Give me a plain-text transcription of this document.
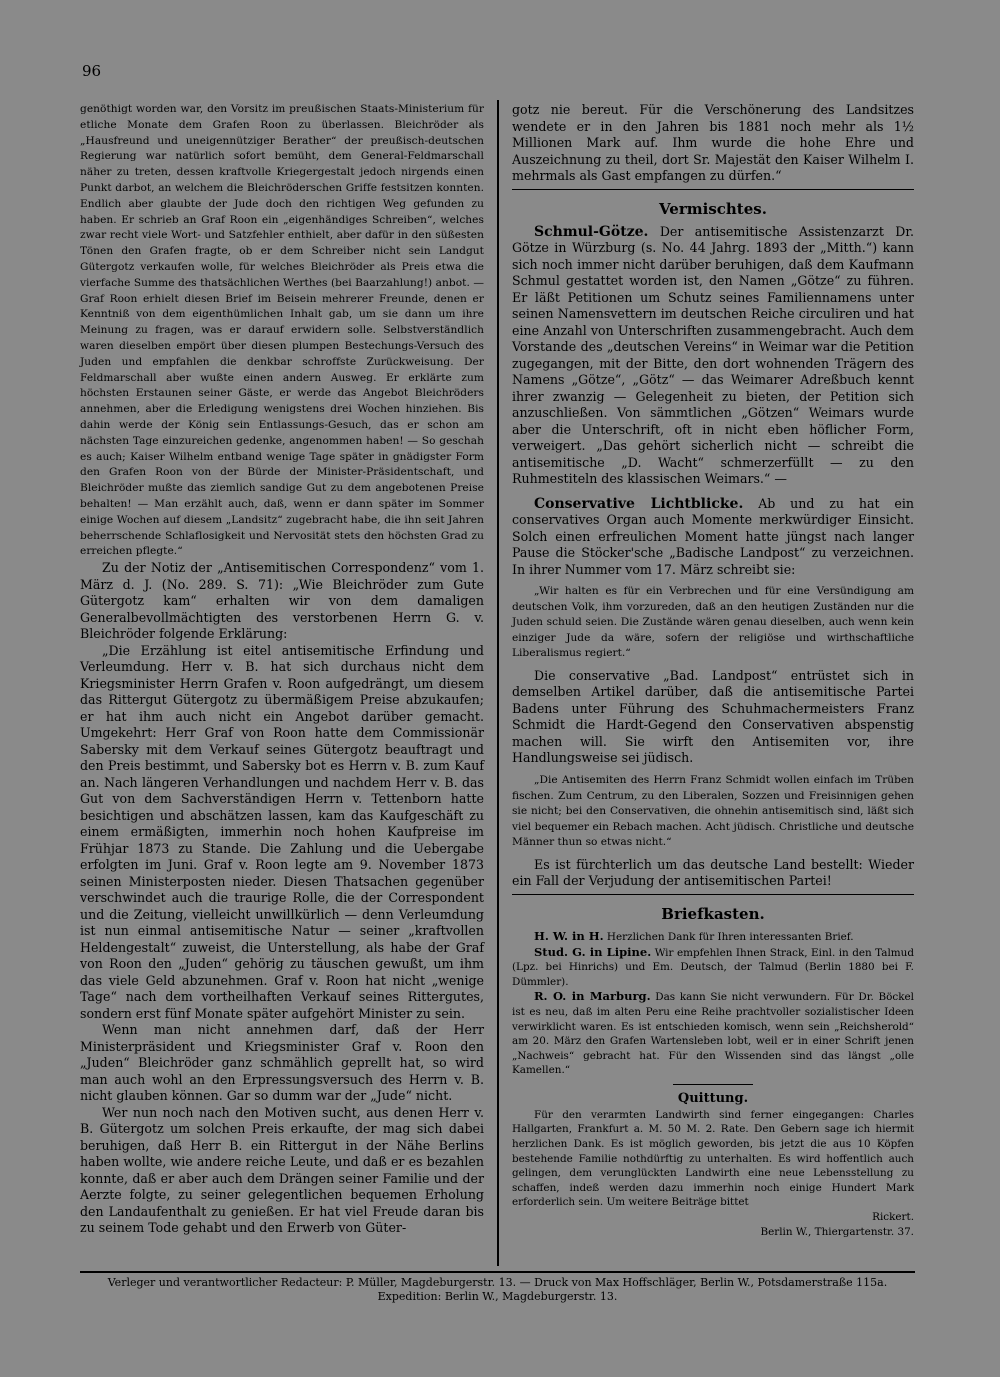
96

genöthigt worden war, den Vorsitz im preußischen Staats-Ministerium für etliche Monate dem Grafen Roon zu überlassen. Bleichröder als „Hausfreund und uneigennütziger Berather“ der preußisch-deutschen Regierung war natürlich sofort bemüht, dem General-Feldmarschall näher zu treten, dessen kraftvolle Kriegergestalt jedoch nirgends einen Punkt darbot, an welchem die Bleichröderschen Griffe festsitzen konnten. Endlich aber glaubte der Jude doch den richtigen Weg gefunden zu haben. Er schrieb an Graf Roon ein „eigenhändiges Schreiben“, welches zwar recht viele Wort- und Satzfehler enthielt, aber dafür in den süßesten Tönen den Grafen fragte, ob er dem Schreiber nicht sein Landgut Gütergotz verkaufen wolle, für welches Bleichröder als Preis etwa die vierfache Summe des thatsächlichen Werthes (bei Baarzahlung!) anbot. — Graf Roon erhielt diesen Brief im Beisein mehrerer Freunde, denen er Kenntniß von dem eigenthümlichen Inhalt gab, um sie dann um ihre Meinung zu fragen, was er darauf erwidern solle. Selbstverständlich waren dieselben empört über diesen plumpen Bestechungs-Versuch des Juden und empfahlen die denkbar schroffste Zurückweisung. Der Feldmarschall aber wußte einen andern Ausweg. Er erklärte zum höchsten Erstaunen seiner Gäste, er werde das Angebot Bleichröders annehmen, aber die Erledigung wenigstens drei Wochen hinziehen. Bis dahin werde der König sein Entlassungs-Gesuch, das er schon am nächsten Tage einzureichen gedenke, angenommen haben! — So geschah es auch; Kaiser Wilhelm entband wenige Tage später in gnädigster Form den Grafen Roon von der Bürde der Minister-Präsidentschaft, und Bleichröder mußte das ziemlich sandige Gut zu dem angebotenen Preise behalten! — Man erzählt auch, daß, wenn er dann später im Sommer einige Wochen auf diesem „Landsitz“ zugebracht habe, die ihn seit Jahren beherrschende Schlaflosigkeit und Nervosität stets den höchsten Grad zu erreichen pflegte.“

Zu der Notiz der „Antisemitischen Correspondenz“ vom 1. März d. J. (No. 289. S. 71): „Wie Bleichröder zum Gute Gütergotz kam“ erhalten wir von dem damaligen Generalbevollmächtigten des verstorbenen Herrn G. v. Bleichröder folgende Erklärung:

„Die Erzählung ist eitel antisemitische Erfindung und Verleumdung. Herr v. B. hat sich durchaus nicht dem Kriegsminister Herrn Grafen v. Roon aufgedrängt, um diesem das Rittergut Gütergotz zu übermäßigem Preise abzukaufen; er hat ihm auch nicht ein Angebot darüber gemacht. Umgekehrt: Herr Graf von Roon hatte dem Commissionär Sabersky mit dem Verkauf seines Gütergotz beauftragt und den Preis bestimmt, und Sabersky bot es Herrn v. B. zum Kauf an. Nach längeren Verhandlungen und nachdem Herr v. B. das Gut von dem Sachverständigen Herrn v. Tettenborn hatte besichtigen und abschätzen lassen, kam das Kaufgeschäft zu einem ermäßigten, immerhin noch hohen Kaufpreise im Frühjar 1873 zu Stande. Die Zahlung und die Uebergabe erfolgten im Juni. Graf v. Roon legte am 9. November 1873 seinen Ministerposten nieder. Diesen Thatsachen gegenüber verschwindet auch die traurige Rolle, die der Correspondent und die Zeitung, vielleicht unwillkürlich — denn Verleumdung ist nun einmal antisemitische Natur — seiner „kraftvollen Heldengestalt“ zuweist, die Unterstellung, als habe der Graf von Roon den „Juden“ gehörig zu täuschen gewußt, um ihm das viele Geld abzunehmen. Graf v. Roon hat nicht „wenige Tage“ nach dem vortheilhaften Verkauf seines Rittergutes, sondern erst fünf Monate später aufgehört Minister zu sein.

Wenn man nicht annehmen darf, daß der Herr Ministerpräsident und Kriegsminister Graf v. Roon den „Juden“ Bleichröder ganz schmählich geprellt hat, so wird man auch wohl an den Erpressungsversuch des Herrn v. B. nicht glauben können. Gar so dumm war der „Jude“ nicht.

Wer nun noch nach den Motiven sucht, aus denen Herr v. B. Gütergotz um solchen Preis erkaufte, der mag sich dabei beruhigen, daß Herr B. ein Rittergut in der Nähe Berlins haben wollte, wie andere reiche Leute, und daß er es bezahlen konnte, daß er aber auch dem Drängen seiner Familie und der Aerzte folgte, zu seiner gelegentlichen bequemen Erholung den Landaufenthalt zu genießen. Er hat viel Freude daran bis zu seinem Tode gehabt und den Erwerb von Güter-

gotz nie bereut. Für die Verschönerung des Landsitzes wendete er in den Jahren bis 1881 noch mehr als 1½ Millionen Mark auf. Ihm wurde die hohe Ehre und Auszeichnung zu theil, dort Sr. Majestät den Kaiser Wilhelm I. mehrmals als Gast empfangen zu dürfen.“

Vermischtes.

Schmul-Götze. Der antisemitische Assistenzarzt Dr. Götze in Würzburg (s. No. 44 Jahrg. 1893 der „Mitth.“) kann sich noch immer nicht darüber beruhigen, daß dem Kaufmann Schmul gestattet worden ist, den Namen „Götze“ zu führen. Er läßt Petitionen um Schutz seines Familiennamens unter seinen Namensvettern im deutschen Reiche circuliren und hat eine Anzahl von Unterschriften zusammengebracht. Auch dem Vorstande des „deutschen Vereins“ in Weimar war die Petition zugegangen, mit der Bitte, den dort wohnenden Trägern des Namens „Götze“, „Götz“ — das Weimarer Adreßbuch kennt ihrer zwanzig — Gelegenheit zu bieten, der Petition sich anzuschließen. Von sämmtlichen „Götzen“ Weimars wurde aber die Unterschrift, oft in nicht eben höflicher Form, verweigert. „Das gehört sicherlich nicht — schreibt die antisemitische „D. Wacht“ schmerzerfüllt — zu den Ruhmestiteln des klassischen Weimars.“ —

Conservative Lichtblicke. Ab und zu hat ein conservatives Organ auch Momente merkwürdiger Einsicht. Solch einen erfreulichen Moment hatte jüngst nach langer Pause die Stöcker'sche „Badische Landpost“ zu verzeichnen. In ihrer Nummer vom 17. März schreibt sie:

„Wir halten es für ein Verbrechen und für eine Versündigung am deutschen Volk, ihm vorzureden, daß an den heutigen Zuständen nur die Juden schuld seien. Die Zustände wären genau dieselben, auch wenn kein einziger Jude da wäre, sofern der religiöse und wirthschaftliche Liberalismus regiert.“

Die conservative „Bad. Landpost“ entrüstet sich in demselben Artikel darüber, daß die antisemitische Partei Badens unter Führung des Schuhmachermeisters Franz Schmidt die Hardt-Gegend den Conservativen abspenstig machen will. Sie wirft den Antisemiten vor, ihre Handlungsweise sei jüdisch.

„Die Antisemiten des Herrn Franz Schmidt wollen einfach im Trüben fischen. Zum Centrum, zu den Liberalen, Sozzen und Freisinnigen gehen sie nicht; bei den Conservativen, die ohnehin antisemitisch sind, läßt sich viel bequemer ein Rebach machen. Acht jüdisch. Christliche und deutsche Männer thun so etwas nicht.“

Es ist fürchterlich um das deutsche Land bestellt: Wieder ein Fall der Verjudung der antisemitischen Partei!

Briefkasten.

H. W. in H. Herzlichen Dank für Ihren interessanten Brief.

Stud. G. in Lipine. Wir empfehlen Ihnen Strack, Einl. in den Talmud (Lpz. bei Hinrichs) und Em. Deutsch, der Talmud (Berlin 1880 bei F. Dümmler).

R. O. in Marburg. Das kann Sie nicht verwundern. Für Dr. Böckel ist es neu, daß im alten Peru eine Reihe prachtvoller sozialistischer Ideen verwirklicht waren. Es ist entschieden komisch, wenn sein „Reichsherold“ am 20. März den Grafen Wartensleben lobt, weil er in einer Schrift jenen „Nachweis“ gebracht hat. Für den Wissenden sind das längst „olle Kamellen.“

Quittung.

Für den verarmten Landwirth sind ferner eingegangen: Charles Hallgarten, Frankfurt a. M. 50 M. 2. Rate. Den Gebern sage ich hiermit herzlichen Dank. Es ist möglich geworden, bis jetzt die aus 10 Köpfen bestehende Familie nothdürftig zu unterhalten. Es wird hoffentlich auch gelingen, dem verunglückten Landwirth eine neue Lebensstellung zu schaffen, indeß werden dazu immerhin noch einige Hundert Mark erforderlich sein. Um weitere Beiträge bittet

Rickert.

Berlin W., Thiergartenstr. 37.

Verleger und verantwortlicher Redacteur: P. Müller, Magdeburgerstr. 13. — Druck von Max Hoffschläger, Berlin W., Potsdamerstraße 115a.
Expedition: Berlin W., Magdeburgerstr. 13.
